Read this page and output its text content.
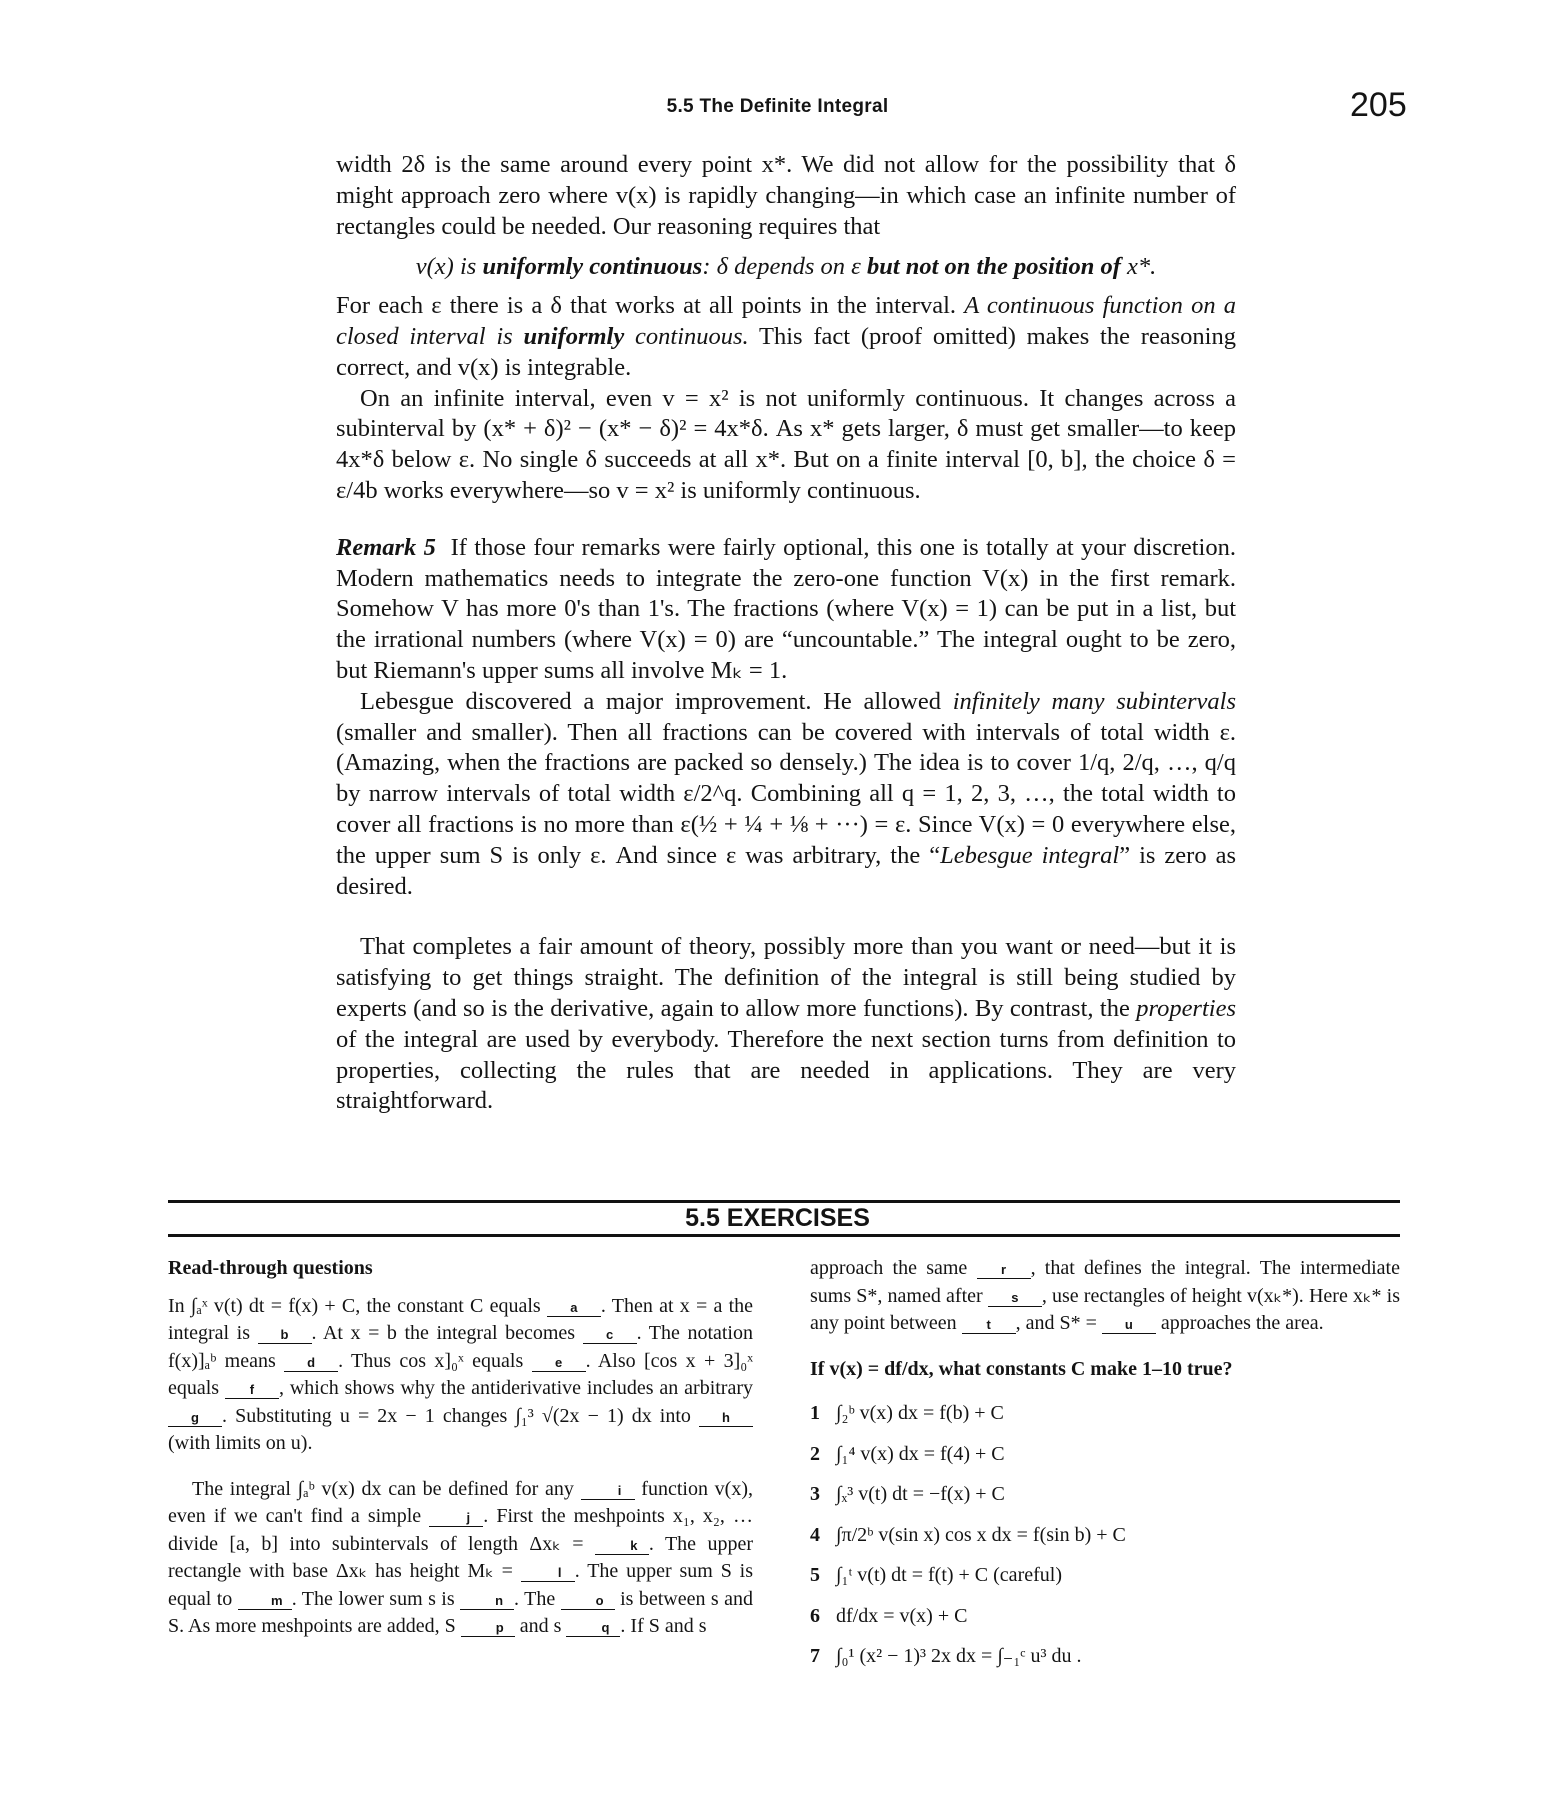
5.5 The Definite Integral	205

width 2δ is the same around every point x*. We did not allow for the possibility that δ might approach zero where v(x) is rapidly changing—in which case an infinite number of rectangles could be needed. Our reasoning requires that

v(x) is uniformly continuous: δ depends on ε but not on the position of x*.

For each ε there is a δ that works at all points in the interval. A continuous function on a closed interval is uniformly continuous. This fact (proof omitted) makes the reasoning correct, and v(x) is integrable.

On an infinite interval, even v = x² is not uniformly continuous. It changes across a subinterval by (x* + δ)² − (x* − δ)² = 4x*δ. As x* gets larger, δ must get smaller—to keep 4x*δ below ε. No single δ succeeds at all x*. But on a finite interval [0, b], the choice δ = ε/4b works everywhere—so v = x² is uniformly continuous.

Remark 5 If those four remarks were fairly optional, this one is totally at your discretion. Modern mathematics needs to integrate the zero-one function V(x) in the first remark. Somehow V has more 0's than 1's. The fractions (where V(x) = 1) can be put in a list, but the irrational numbers (where V(x) = 0) are “uncountable.” The integral ought to be zero, but Riemann's upper sums all involve Mₖ = 1.

Lebesgue discovered a major improvement. He allowed infinitely many subintervals (smaller and smaller). Then all fractions can be covered with intervals of total width ε. (Amazing, when the fractions are packed so densely.) The idea is to cover 1/q, 2/q, …, q/q by narrow intervals of total width ε/2^q. Combining all q = 1, 2, 3, …, the total width to cover all fractions is no more than ε(½ + ¼ + ⅛ + ···) = ε. Since V(x) = 0 everywhere else, the upper sum S is only ε. And since ε was arbitrary, the “Lebesgue integral” is zero as desired.

That completes a fair amount of theory, possibly more than you want or need—but it is satisfying to get things straight. The definition of the integral is still being studied by experts (and so is the derivative, again to allow more functions). By contrast, the properties of the integral are used by everybody. Therefore the next section turns from definition to properties, collecting the rules that are needed in applications. They are very straightforward.

5.5 EXERCISES

Read-through questions

In ∫ₐˣ v(t) dt = f(x) + C, the constant C equals a . Then at x = a the integral is b . At x = b the integral becomes c . The notation f(x)]ₐᵇ means d . Thus cos x]₀ˣ equals e . Also [cos x + 3]₀ˣ equals f , which shows why the antiderivative includes an arbitrary g . Substituting u = 2x − 1 changes ∫₁³ √(2x − 1) dx into h (with limits on u).

The integral ∫ₐᵇ v(x) dx can be defined for any	i function v(x), even if we can't find a simple	j . First the meshpoints x₁, x₂, … divide [a, b] into subintervals of length Δxₖ =	k . The upper rectangle with base Δxₖ has height Mₖ =	l . The upper sum S is equal to	m . The lower sum s is	n . The	o is between s and S. As more meshpoints are added, S	p and s	q . If S and s

approach the same r , that defines the integral. The intermediate sums S*, named after s , use rectangles of height v(xₖ*). Here xₖ* is any point between t , and S* = u approaches the area.

If v(x) = df/dx, what constants C make 1–10 true?

1 ∫₂ᵇ v(x) dx = f(b) + C
2 ∫₁⁴ v(x) dx = f(4) + C
3 ∫ₓ³ v(t) dt = −f(x) + C
4 ∫π/2ᵇ v(sin x) cos x dx = f(sin b) + C
5 ∫₁ᵗ v(t) dt = f(t) + C (careful)
6 df/dx = v(x) + C
7 ∫₀¹ (x² − 1)³ 2x dx = ∫₋₁ᶜ u³ du .
